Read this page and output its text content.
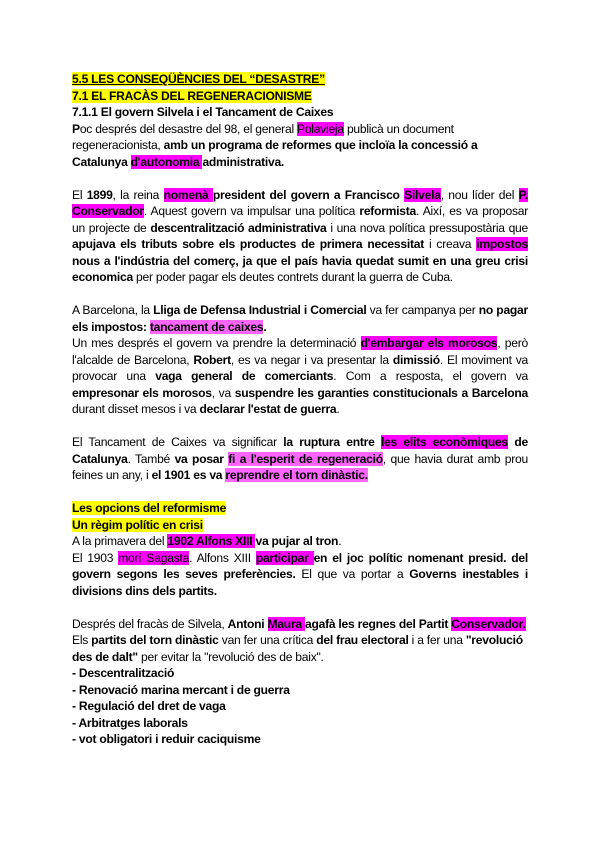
5.5 LES CONSEQÜÈNCIES DEL “DESASTRE”
7.1 EL FRACÀS DEL REGENERACIONISME
7.1.1 El govern Silvela i el Tancament de Caixes

Poc després del desastre del 98, el general Polavieja publicà un document regeneracionista, amb un programa de reformes que incloïa la concessió a Catalunya d'autonomia administrativa.

El 1899, la reina nomenà president del govern a Francisco Silvela, nou líder del P. Conservador. Aquest govern va impulsar una política reformista. Així, es va proposar un projecte de descentralització administrativa i una nova política pressupostària que apujava els tributs sobre els productes de primera necessitat i creava impostos nous a l'indústria del comerç, ja que el país havia quedat sumit en una greu crisi economica per poder pagar els deutes contrets durant la guerra de Cuba.

A Barcelona, la Lliga de Defensa Industrial i Comercial va fer campanya per no pagar els impostos: tancament de caixes.

Un mes després el govern va prendre la determinació d'embargar els morosos, però l'alcalde de Barcelona, Robert, es va negar i va presentar la dimissió. El moviment va provocar una vaga general de comerciants. Com a resposta, el govern va empresonar els morosos, va suspendre les garanties constitucionals a Barcelona durant disset mesos i va declarar l'estat de guerra.

El Tancament de Caixes va significar la ruptura entre les elits econòmiques de Catalunya. També va posar fi a l'esperit de regeneració, que havia durat amb prou feines un any, i el 1901 es va reprendre el torn dinàstic.

Les opcions del reformisme
Un règim polític en crisi

A la primavera del 1902 Alfons XIII va pujar al tron.

El 1903 morí Sagasta. Alfons XIII participar en el joc polític nomenant presid. del govern segons les seves preferències. El que va portar a Governs inestables i divisions dins dels partits.

Després del fracàs de Silvela, Antoni Maura agafà les regnes del Partit Conservador.

Els partits del torn dinàstic van fer una crítica del frau electoral i a fer una "revolució des de dalt" per evitar la "revolució des de baix".

- Descentralització
- Renovació marina mercant i de guerra
- Regulació del dret de vaga
- Arbitratges laborals
- vot obligatori i reduir caciquisme
